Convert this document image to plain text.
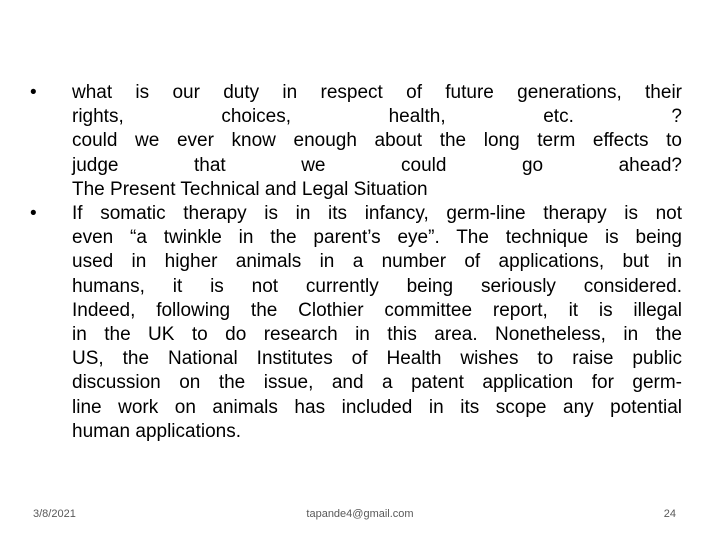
• what is our duty in respect of future generations, their
rights, choices, health, etc. ?
could we ever know enough about the long term effects to
judge that we could go ahead?
The Present Technical and Legal Situation
• If somatic therapy is in its infancy, germ-line therapy is not
even “a twinkle in the parent’s eye”. The technique is being
used in higher animals in a number of applications, but in
humans, it is not currently being seriously considered.
Indeed, following the Clothier committee report, it is illegal
in the UK to do research in this area. Nonetheless, in the
US, the National Institutes of Health wishes to raise public
discussion on the issue, and a patent application for germ-
line work on animals has included in its scope any potential
human applications.
3/8/2021	tapande4@gmail.com	24
